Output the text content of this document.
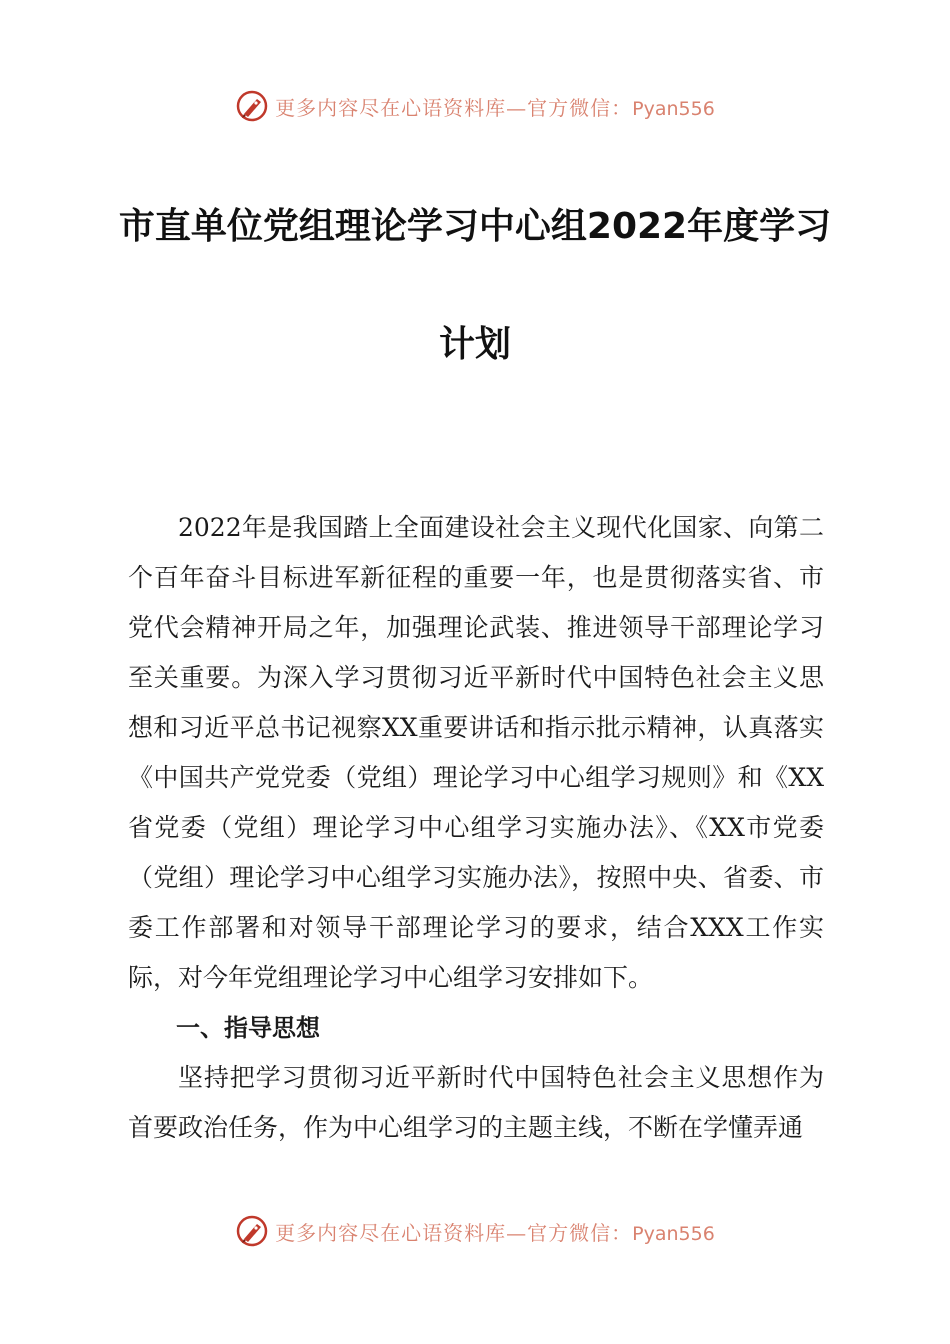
更多内容尽在心语资料库—官方微信：Pyan556
市直单位党组理论学习中心组2022年度学习
计划

2022年是我国踏上全面建设社会主义现代化国家、向第二个百年奋斗目标进军新征程的重要一年，也是贯彻落实省、市党代会精神开局之年，加强理论武装、推进领导干部理论学习至关重要。为深入学习贯彻习近平新时代中国特色社会主义思想和习近平总书记视察XX重要讲话和指示批示精神，认真落实《中国共产党党委（党组）理论学习中心组学习规则》和《XX省党委（党组）理论学习中心组学习实施办法》、《XX市党委（党组）理论学习中心组学习实施办法》，按照中央、省委、市委工作部署和对领导干部理论学习的要求，结合XXX工作实际，对今年党组理论学习中心组学习安排如下。

一、指导思想

坚持把学习贯彻习近平新时代中国特色社会主义思想作为首要政治任务，作为中心组学习的主题主线，不断在学懂弄通

更多内容尽在心语资料库—官方微信：Pyan556
